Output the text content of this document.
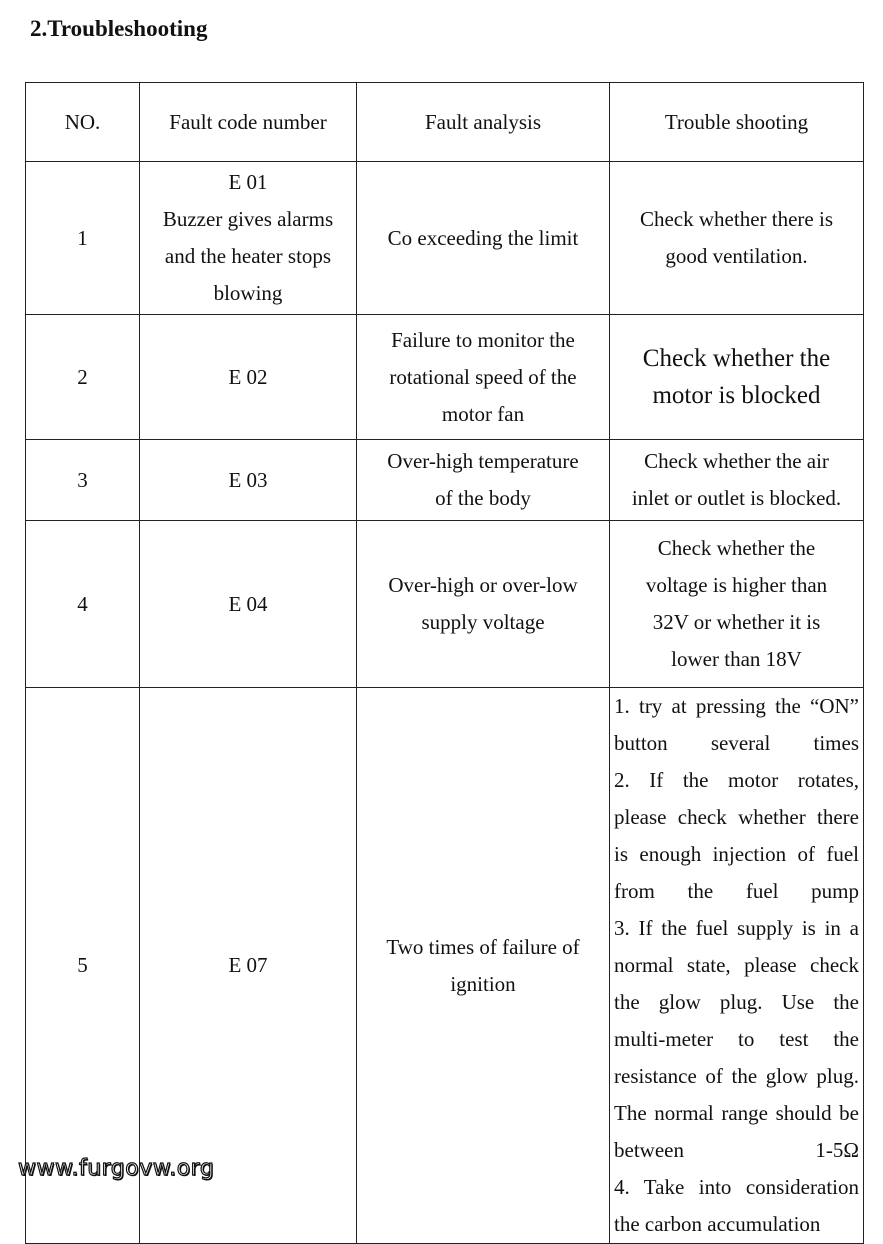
2.Troubleshooting
NO.	Fault code number	Fault analysis	Trouble shooting
1	E 01
Buzzer gives alarms
and the heater stops
blowing	Co exceeding the limit	Check whether there is
good ventilation.

2	E 02	Failure to monitor the
rotational speed of the
motor fan	Check whether the
motor is blocked

3	E 03	Over-high temperature
of the body	Check whether the air
inlet or outlet is blocked.

4	E 04	Over-high or over-low
supply voltage	Check whether the
voltage is higher than
32V or whether it is
lower than 18V

5	E 07	Two times of failure of
ignition	1. try at pressing the “ON” button several times
2. If the motor rotates, please check whether there is enough injection of fuel from the fuel pump
3. If the fuel supply is in a normal state, please check the glow plug. Use the multi-meter to test the resistance of the glow plug. The normal range should be between 1-5Ω
4. Take into consideration the carbon accumulation
www.furgovw.org
